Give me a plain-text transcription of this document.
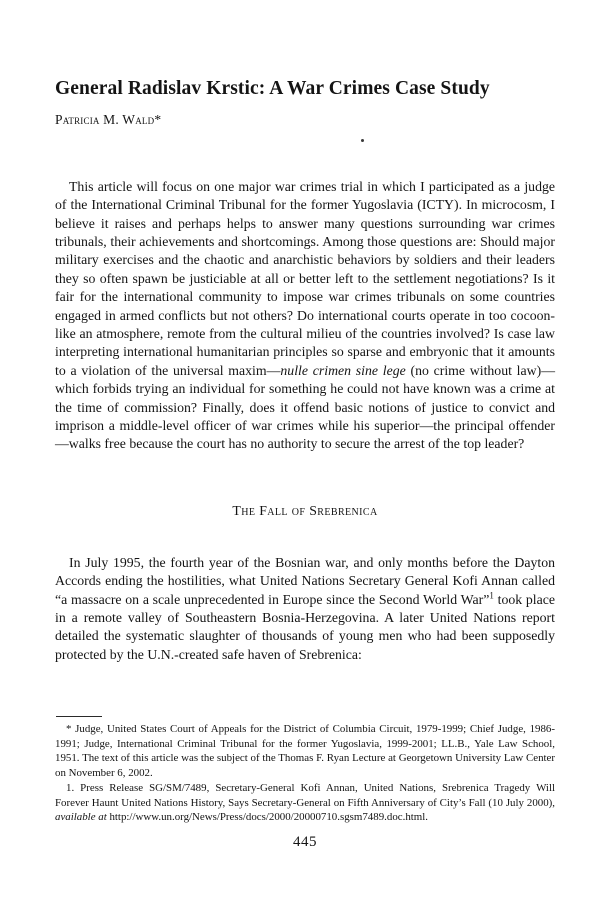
General Radislav Krstic: A War Crimes Case Study
Patricia M. Wald*

This article will focus on one major war crimes trial in which I participated as a judge of the International Criminal Tribunal for the former Yugoslavia (ICTY). In microcosm, I believe it raises and perhaps helps to answer many questions surrounding war crimes tribunals, their achievements and shortcomings. Among those questions are: Should major military exercises and the chaotic and anarchistic behaviors by soldiers and their leaders they so often spawn be justiciable at all or better left to the settlement negotiations? Is it fair for the international community to impose war crimes tribunals on some countries engaged in armed conflicts but not others? Do international courts operate in too cocoon-like an atmosphere, remote from the cultural milieu of the countries involved? Is case law interpreting international humanitarian principles so sparse and embryonic that it amounts to a violation of the universal maxim—nulle crimen sine lege (no crime without law)—which forbids trying an individual for something he could not have known was a crime at the time of commission? Finally, does it offend basic notions of justice to convict and imprison a middle-level officer of war crimes while his superior—the principal offender—walks free because the court has no authority to secure the arrest of the top leader?

The Fall of Srebrenica

In July 1995, the fourth year of the Bosnian war, and only months before the Dayton Accords ending the hostilities, what United Nations Secretary General Kofi Annan called “a massacre on a scale unprecedented in Europe since the Second World War”$^1$ took place in a remote valley of Southeastern Bosnia-Herzegovina. A later United Nations report detailed the systematic slaughter of thousands of young men who had been supposedly protected by the U.N.-created safe haven of Srebrenica:

* Judge, United States Court of Appeals for the District of Columbia Circuit, 1979-1999; Chief Judge, 1986-1991; Judge, International Criminal Tribunal for the former Yugoslavia, 1999-2001; LL.B., Yale Law School, 1951. The text of this article was the subject of the Thomas F. Ryan Lecture at Georgetown University Law Center on November 6, 2002.

1. Press Release SG/SM/7489, Secretary-General Kofi Annan, United Nations, Srebrenica Tragedy Will Forever Haunt United Nations History, Says Secretary-General on Fifth Anniversary of City’s Fall (10 July 2000), available at http://www.un.org/News/Press/docs/2000/20000710.sgsm7489.doc.html.

445
